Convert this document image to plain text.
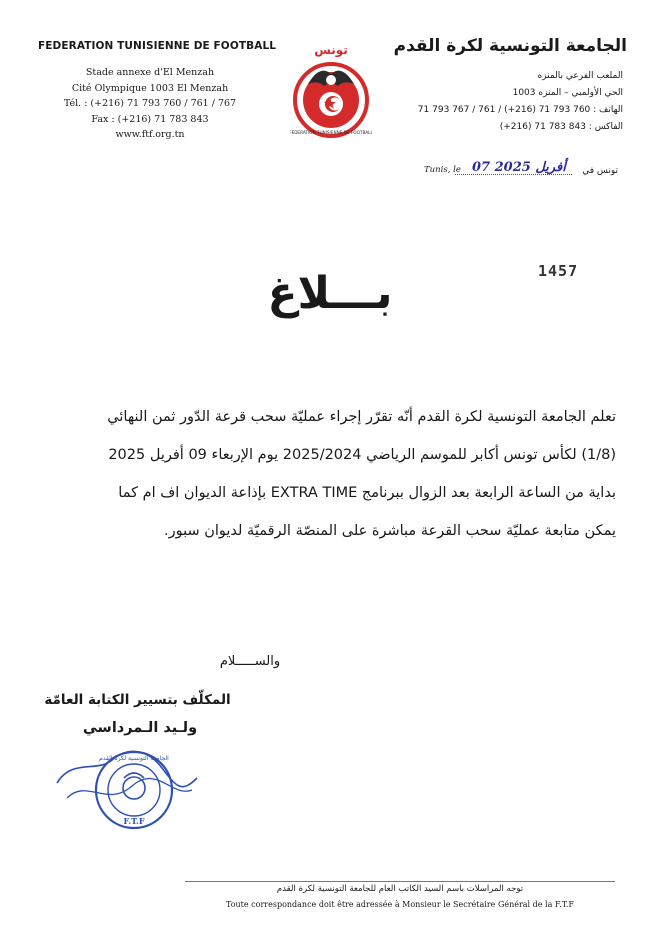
FEDERATION TUNISIENNE DE FOOTBALL
Stade annexe d'El Menzah
Cité Olympique 1003 El Menzah
Tél. : (+216) 71 793 760 / 761 / 767
Fax : (+216) 71 783 843
www.ftf.org.tn
تونس
FEDERATION TUNISIENNE DE FOOTBALL
الجامعة التونسية لكرة القدم
الملعب الفرعي بالمنزه
الحي الأولمبي – المنزه 1003
الهاتف : 760 793 71 (216+) / 761 / 767 793 71
الفاكس : 843 783 71 (216+)
Tunis, le 07 أفريل 2025 تونس في
1457
بـــلاغ
تعلم الجامعة التونسية لكرة القدم أنّه تقرّر إجراء عمليّة سحب قرعة الدّور ثمن النهائي
(1/8) لكأس تونس أكابر للموسم الرياضي 2025/2024 يوم الإربعاء 09 أفريل 2025
بداية من الساعة الرابعة بعد الزوال ببرنامج EXTRA TIME بإذاعة الديوان اف ام كما
يمكن متابعة عمليّة سحب القرعة مباشرة على المنصّة الرقميّة لديوان سبور.
والســـــلام
المكلّف بتسيير الكتابة العامّة
ولـيد الـمرداسي
الجامعة التونسية لكرة القدم
F.T.F
توجه المراسلات باسم السيد الكاتب العام للجامعة التونسية لكرة القدم
Toute correspondance doit être adressée à Monsieur le Secrétaire Général de la F.T.F
